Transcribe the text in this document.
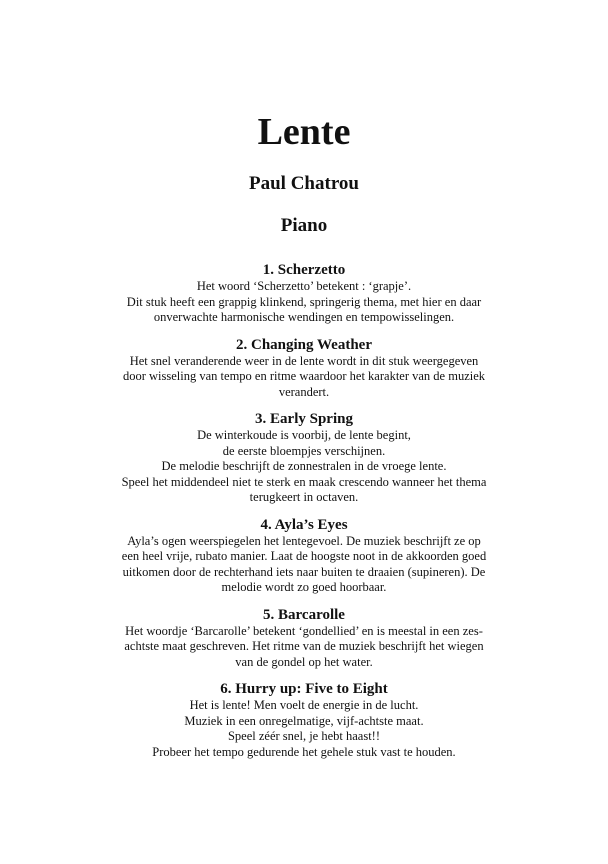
Lente
Paul Chatrou
Piano
1. Scherzetto

Het woord ‘Scherzetto’ betekent : ‘grapje’.
Dit stuk heeft een grappig klinkend, springerig thema, met hier en daar
onverwachte harmonische wendingen en tempowisselingen.

2. Changing Weather

Het snel veranderende weer in de lente wordt in dit stuk weergegeven
door wisseling van tempo en ritme waardoor het karakter van de muziek
verandert.

3. Early Spring

De winterkoude is voorbij, de lente begint,
de eerste bloempjes verschijnen.
De melodie beschrijft de zonnestralen in de vroege lente.
Speel het middendeel niet te sterk en maak crescendo wanneer het thema
terugkeert in octaven.

4. Ayla’s Eyes

Ayla’s ogen weerspiegelen het lentegevoel. De muziek beschrijft ze op
een heel vrije, rubato manier. Laat de hoogste noot in de akkoorden goed
uitkomen door de rechterhand iets naar buiten te draaien (supineren). De
melodie wordt zo goed hoorbaar.

5. Barcarolle

Het woordje ‘Barcarolle’ betekent ‘gondellied’ en is meestal in een zes-
achtste maat geschreven. Het ritme van de muziek beschrijft het wiegen
van de gondel op het water.

6. Hurry up: Five to Eight

Het is lente! Men voelt de energie in de lucht.
Muziek in een onregelmatige, vijf-achtste maat.
Speel zéér snel, je hebt haast!!
Probeer het tempo gedurende het gehele stuk vast te houden.
